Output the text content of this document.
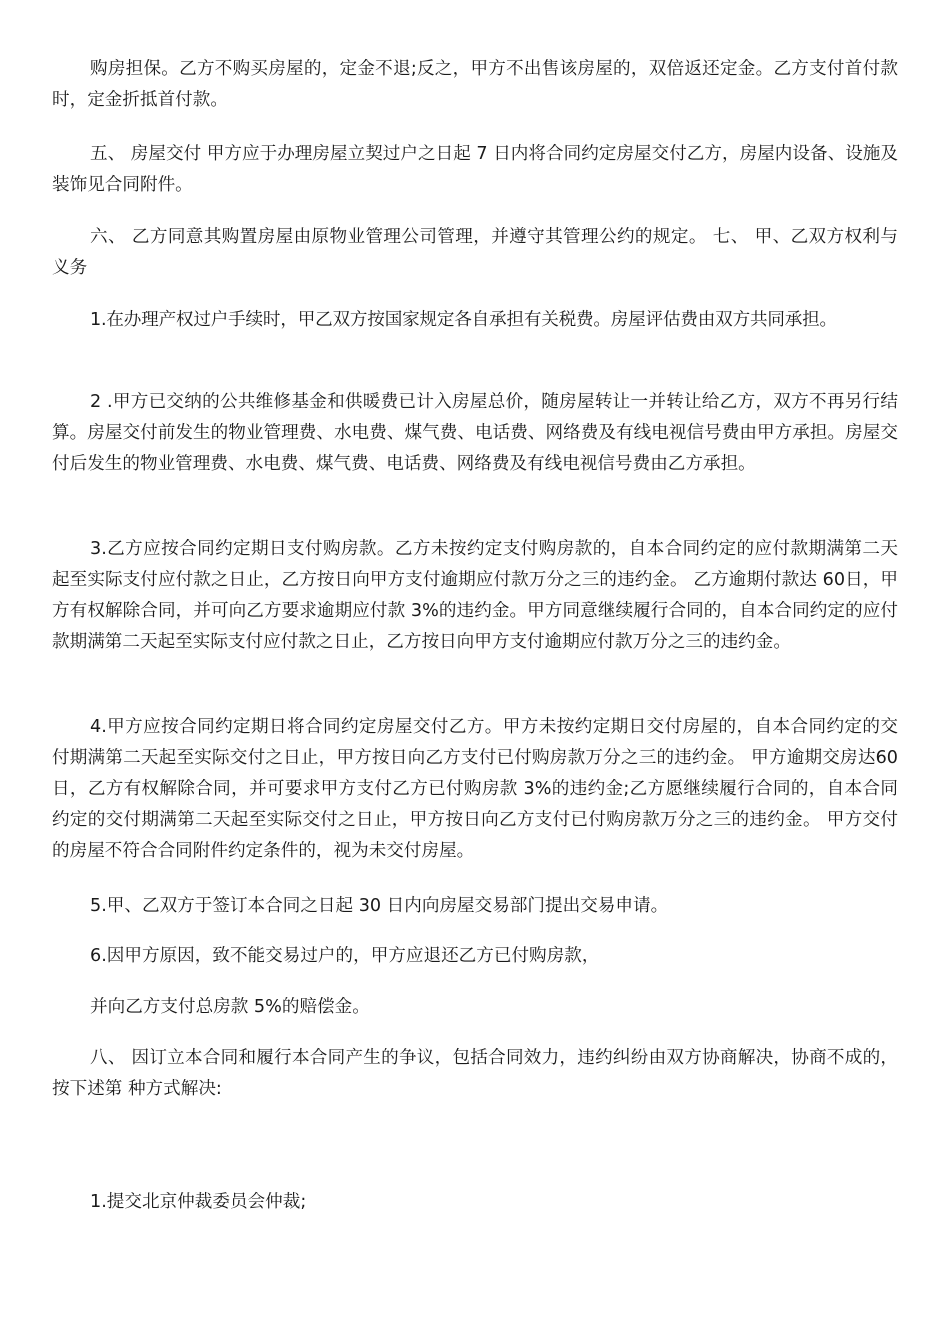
购房担保。乙方不购买房屋的，定金不退;反之，甲方不出售该房屋的，双倍返还定金。乙方支付首付款时，定金折抵首付款。

五、 房屋交付 甲方应于办理房屋立契过户之日起 7 日内将合同约定房屋交付乙方，房屋内设备、设施及装饰见合同附件。

六、 乙方同意其购置房屋由原物业管理公司管理，并遵守其管理公约的规定。 七、 甲、乙双方权利与义务

1.在办理产权过户手续时，甲乙双方按国家规定各自承担有关税费。房屋评估费由双方共同承担。

2 .甲方已交纳的公共维修基金和供暖费已计入房屋总价，随房屋转让一并转让给乙方，双方不再另行结算。房屋交付前发生的物业管理费、水电费、煤气费、电话费、网络费及有线电视信号费由甲方承担。房屋交付后发生的物业管理费、水电费、煤气费、电话费、网络费及有线电视信号费由乙方承担。

3.乙方应按合同约定期日支付购房款。乙方未按约定支付购房款的，自本合同约定的应付款期满第二天起至实际支付应付款之日止，乙方按日向甲方支付逾期应付款万分之三的违约金。 乙方逾期付款达 60日，甲方有权解除合同，并可向乙方要求逾期应付款 3%的违约金。甲方同意继续履行合同的，自本合同约定的应付款期满第二天起至实际支付应付款之日止，乙方按日向甲方支付逾期应付款万分之三的违约金。

4.甲方应按合同约定期日将合同约定房屋交付乙方。甲方未按约定期日交付房屋的，自本合同约定的交付期满第二天起至实际交付之日止，甲方按日向乙方支付已付购房款万分之三的违约金。 甲方逾期交房达60 日，乙方有权解除合同，并可要求甲方支付乙方已付购房款 3%的违约金;乙方愿继续履行合同的，自本合同约定的交付期满第二天起至实际交付之日止，甲方按日向乙方支付已付购房款万分之三的违约金。 甲方交付的房屋不符合合同附件约定条件的，视为未交付房屋。

5.甲、乙双方于签订本合同之日起 30 日内向房屋交易部门提出交易申请。

6.因甲方原因，致不能交易过户的，甲方应退还乙方已付购房款，

并向乙方支付总房款 5%的赔偿金。

八、 因订立本合同和履行本合同产生的争议，包括合同效力，违约纠纷由双方协商解决，协商不成的，按下述第 种方式解决:

1.提交北京仲裁委员会仲裁;
